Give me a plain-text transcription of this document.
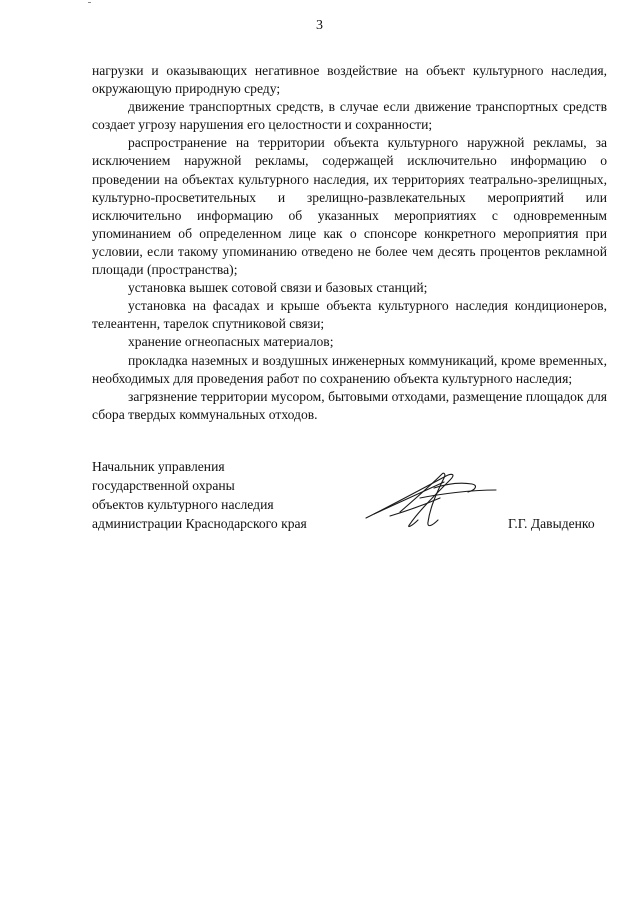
3

нагрузки и оказывающих негативное воздействие на объект культурного наследия, окружающую природную среду;

движение транспортных средств, в случае если движение транспортных средств создает угрозу нарушения его целостности и сохранности;

распространение на территории объекта культурного наружной рекламы, за исключением наружной рекламы, содержащей исключительно информацию о проведении на объектах культурного наследия, их территориях театрально-зрелищных, культурно-просветительных и зрелищно-развлекательных мероприятий или исключительно информацию об указанных мероприятиях с одновременным упоминанием об определенном лице как о спонсоре конкретного мероприятия при условии, если такому упоминанию отведено не более чем десять процентов рекламной площади (пространства);

установка вышек сотовой связи и базовых станций;

установка на фасадах и крыше объекта культурного наследия кондиционеров, телеантенн, тарелок спутниковой связи;

хранение огнеопасных материалов;

прокладка наземных и воздушных инженерных коммуникаций, кроме временных, необходимых для проведения работ по сохранению объекта культурного наследия;

загрязнение территории мусором, бытовыми отходами, размещение площадок для сбора твердых коммунальных отходов.

Начальник управления
государственной охраны
объектов культурного наследия
администрации Краснодарского края	Г.Г. Давыденко
